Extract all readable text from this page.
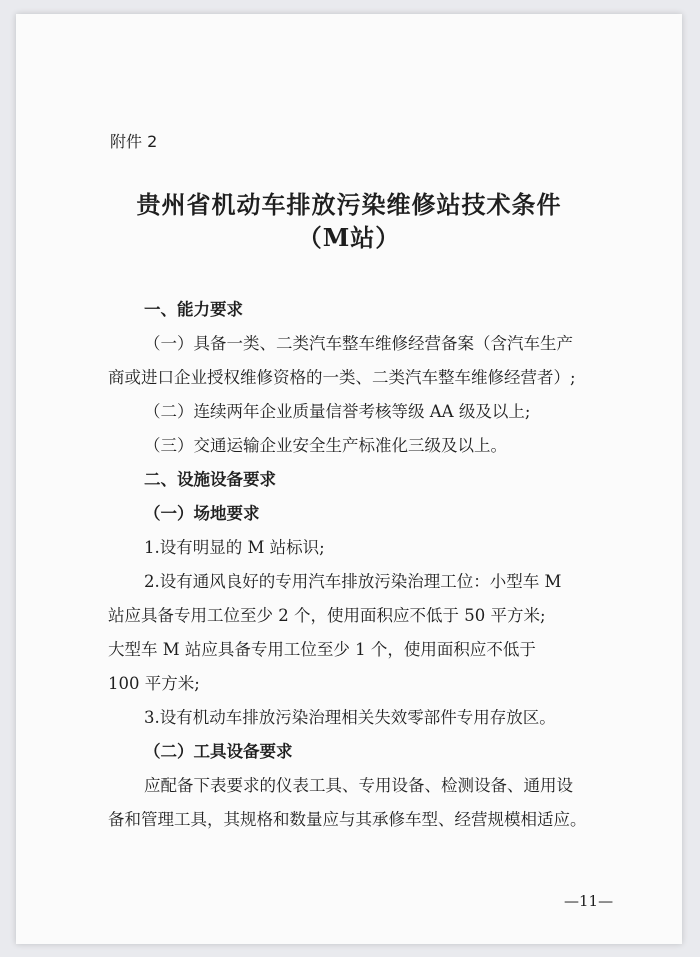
附件 2
贵州省机动车排放污染维修站技术条件
（M站）
一、能力要求
（一）具备一类、二类汽车整车维修经营备案（含汽车生产
商或进口企业授权维修资格的一类、二类汽车整车维修经营者）;
（二）连续两年企业质量信誉考核等级 AA 级及以上;
（三）交通运输企业安全生产标准化三级及以上。
二、设施设备要求
（一）场地要求
1.设有明显的 M 站标识;
2.设有通风良好的专用汽车排放污染治理工位：小型车 M
站应具备专用工位至少 2 个，使用面积应不低于 50 平方米;
大型车 M 站应具备专用工位至少 1 个，使用面积应不低于
100 平方米;
3.设有机动车排放污染治理相关失效零部件专用存放区。
（二）工具设备要求
应配备下表要求的仪表工具、专用设备、检测设备、通用设
备和管理工具，其规格和数量应与其承修车型、经营规模相适应。
—11—
